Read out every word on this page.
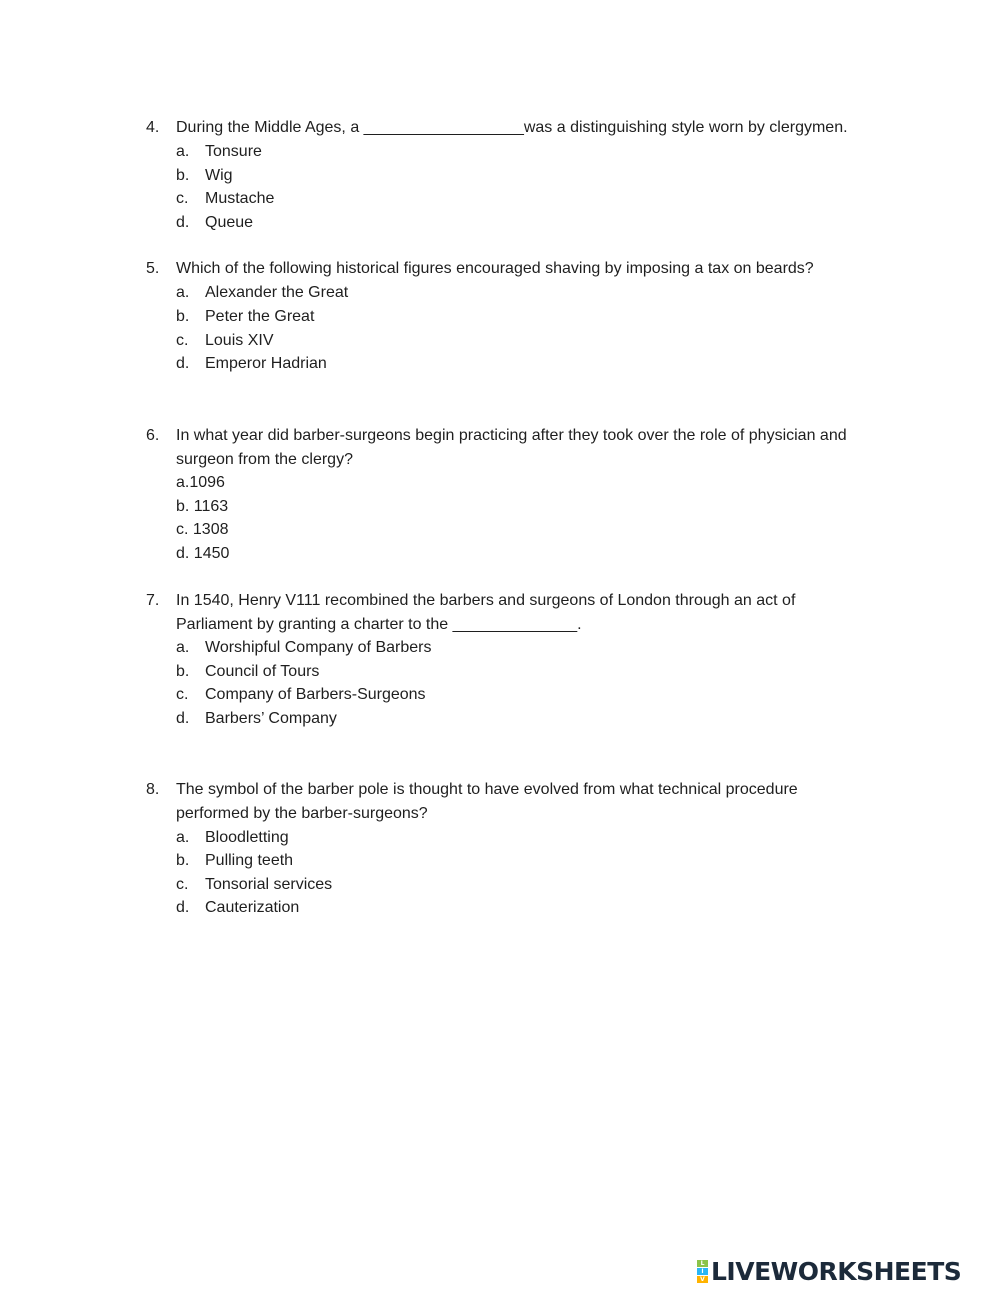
4. During the Middle Ages, a __________________was a distinguishing style worn by clergymen.
a. Tonsure
b. Wig
c. Mustache
d. Queue
5. Which of the following historical figures encouraged shaving by imposing a tax on beards?
a. Alexander the Great
b. Peter the Great
c. Louis XIV
d. Emperor Hadrian
6. In what year did barber-surgeons begin practicing after they took over the role of physician and
surgeon from the clergy?
a.1096
b. 1163
c. 1308
d. 1450
7. In 1540, Henry V111 recombined the barbers and surgeons of London through an act of
Parliament by granting a charter to the ______________.
a. Worshipful Company of Barbers
b. Council of Tours
c. Company of Barbers-Surgeons
d. Barbers’ Company
8. The symbol of the barber pole is thought to have evolved from what technical procedure
performed by the barber-surgeons?
a. Bloodletting
b. Pulling teeth
c. Tonsorial services
d. Cauterization
L
I
V LIVEWORKSHEETS
